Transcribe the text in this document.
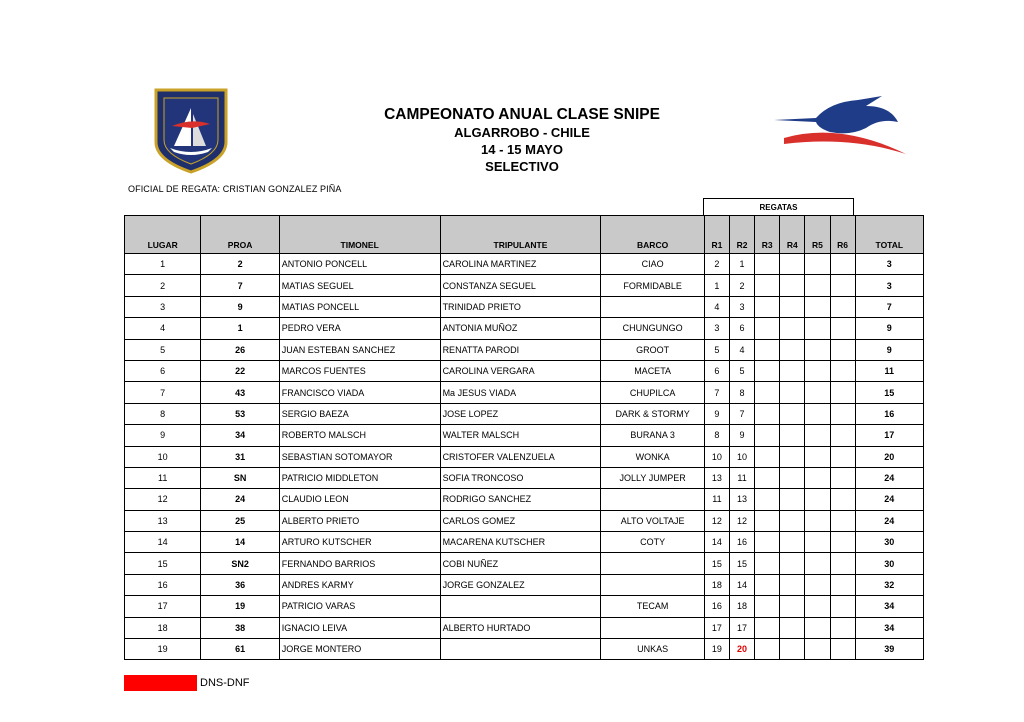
CAMPEONATO ANUAL CLASE SNIPE
ALGARROBO - CHILE
14 - 15 MAYO
SELECTIVO
OFICIAL DE REGATA: CRISTIAN GONZALEZ PIÑA
REGATAS
LUGAR	PROA	TIMONEL	TRIPULANTE	BARCO	R1	R2	R3	R4	R5	R6	TOTAL
1	2	ANTONIO PONCELL	CAROLINA MARTINEZ	CIAO	2	1					3
2	7	MATIAS SEGUEL	CONSTANZA SEGUEL	FORMIDABLE	1	2					3
3	9	MATIAS PONCELL	TRINIDAD PRIETO		4	3					7
4	1	PEDRO VERA	ANTONIA MUÑOZ	CHUNGUNGO	3	6					9
5	26	JUAN ESTEBAN SANCHEZ	RENATTA PARODI	GROOT	5	4					9
6	22	MARCOS FUENTES	CAROLINA VERGARA	MACETA	6	5					11
7	43	FRANCISCO VIADA	Ma JESUS VIADA	CHUPILCA	7	8					15
8	53	SERGIO BAEZA	JOSE LOPEZ	DARK & STORMY	9	7					16
9	34	ROBERTO MALSCH	WALTER MALSCH	BURANA 3	8	9					17
10	31	SEBASTIAN SOTOMAYOR	CRISTOFER VALENZUELA	WONKA	10	10					20
11	SN	PATRICIO MIDDLETON	SOFIA TRONCOSO	JOLLY JUMPER	13	11					24
12	24	CLAUDIO LEON	RODRIGO SANCHEZ		11	13					24
13	25	ALBERTO PRIETO	CARLOS GOMEZ	ALTO VOLTAJE	12	12					24
14	14	ARTURO KUTSCHER	MACARENA KUTSCHER	COTY	14	16					30
15	SN2	FERNANDO BARRIOS	COBI NUÑEZ		15	15					30
16	36	ANDRES KARMY	JORGE GONZALEZ		18	14					32
17	19	PATRICIO VARAS		TECAM	16	18					34
18	38	IGNACIO LEIVA	ALBERTO HURTADO		17	17					34
19	61	JORGE MONTERO		UNKAS	19	20					39
DNS-DNF
